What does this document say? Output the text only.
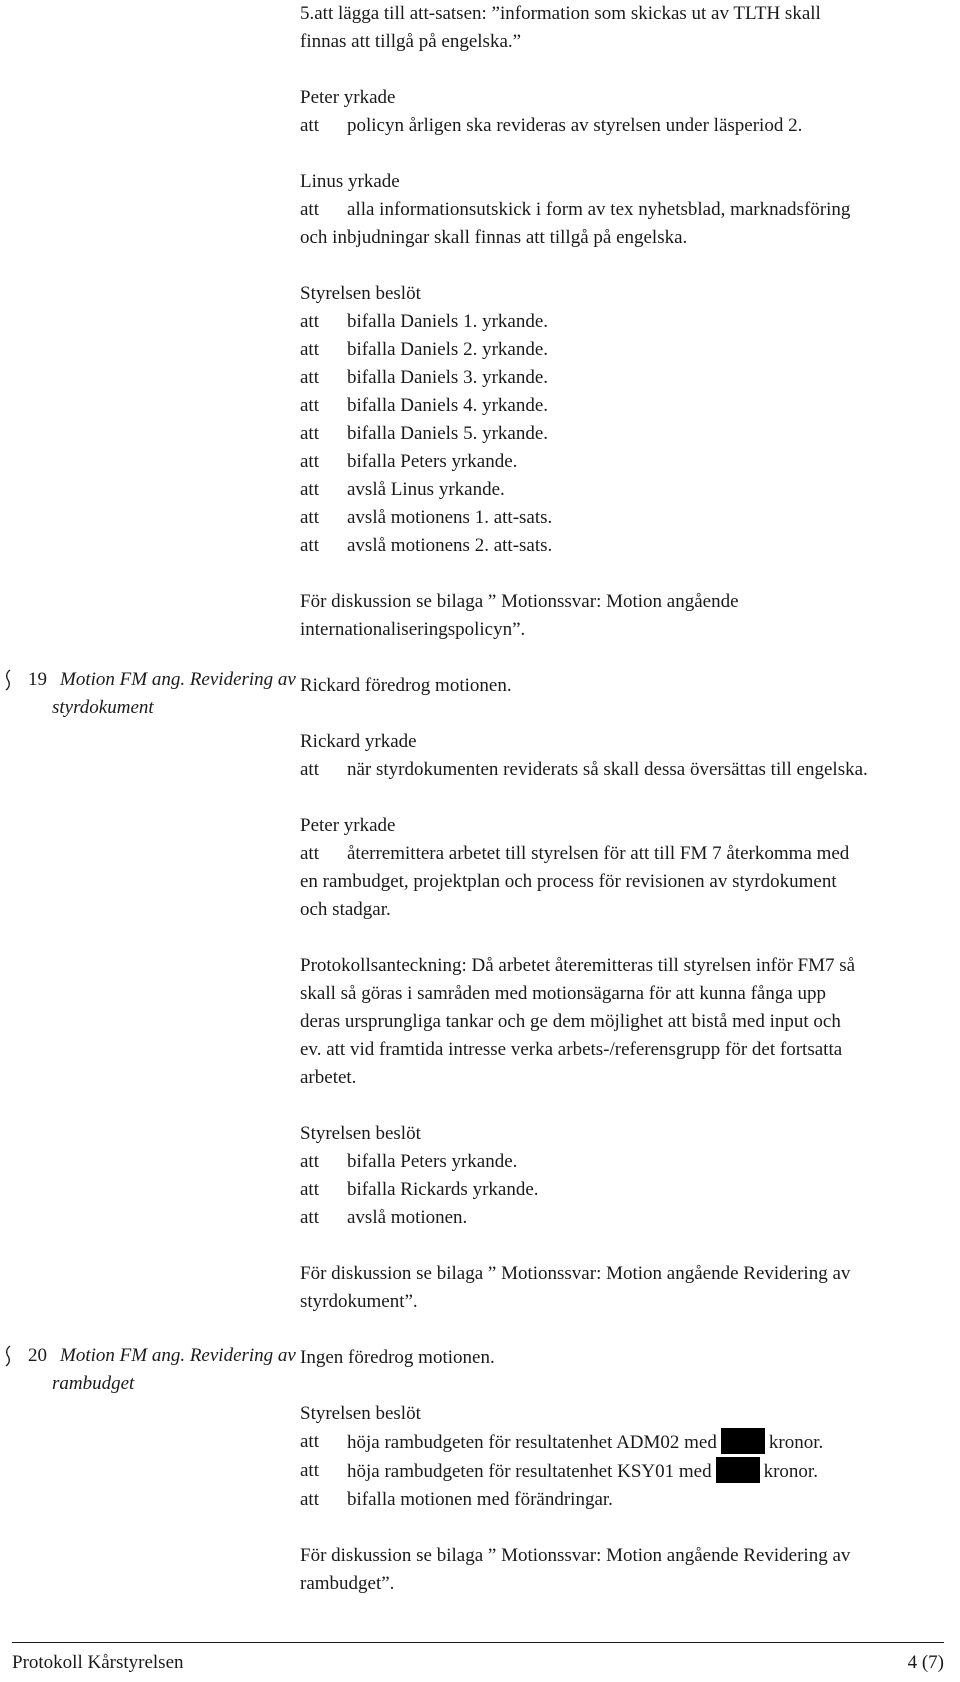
5.att lägga till att-satsen: ”information som skickas ut av TLTH skall

finnas att tillgå på engelska.”

Peter yrkade

att	policyn årligen ska revideras av styrelsen under läsperiod 2.

Linus yrkade

att	alla informationsutskick i form av tex nyhetsblad, marknadsföring

och inbjudningar skall finnas att tillgå på engelska.

Styrelsen beslöt

att	bifalla Daniels 1. yrkande.
att	bifalla Daniels 2. yrkande.
att	bifalla Daniels 3. yrkande.
att	bifalla Daniels 4. yrkande.
att	bifalla Daniels 5. yrkande.
att	bifalla Peters yrkande.
att	avslå Linus yrkande.
att	avslå motionens 1. att-sats.
att	avslå motionens 2. att-sats.

För diskussion se bilaga ” Motionssvar: Motion angående

internationaliseringspolicyn”.

Rickard föredrog motionen.

Rickard yrkade

att	när styrdokumenten reviderats så skall dessa översättas till engelska.

Peter yrkade

att	återremittera arbetet till styrelsen för att till FM 7 återkomma med

en rambudget, projektplan och process för revisionen av styrdokument

och stadgar.

Protokollsanteckning: Då arbetet återemitteras till styrelsen inför FM7 så

skall så göras i samråden med motionsägarna för att kunna fånga upp

deras ursprungliga tankar och ge dem möjlighet att bistå med input och

ev. att vid framtida intresse verka arbets-/referensgrupp för det fortsatta

arbetet.

Styrelsen beslöt

att	bifalla Peters yrkande.
att	bifalla Rickards yrkande.
att	avslå motionen.

För diskussion se bilaga ” Motionssvar: Motion angående Revidering av

styrdokument”.

Ingen föredrog motionen.

Styrelsen beslöt

att	höja rambudgeten för resultatenhet ADM02 med	kronor.
att	höja rambudgeten för resultatenhet KSY01 med	kronor.
att	bifalla motionen med förändringar.

För diskussion se bilaga ” Motionssvar: Motion angående Revidering av

rambudget”.

19 Motion FM ang. Revidering av
styrdokument
20 Motion FM ang. Revidering av
rambudget
Protokoll Kårstyrelsen	4 (7)
